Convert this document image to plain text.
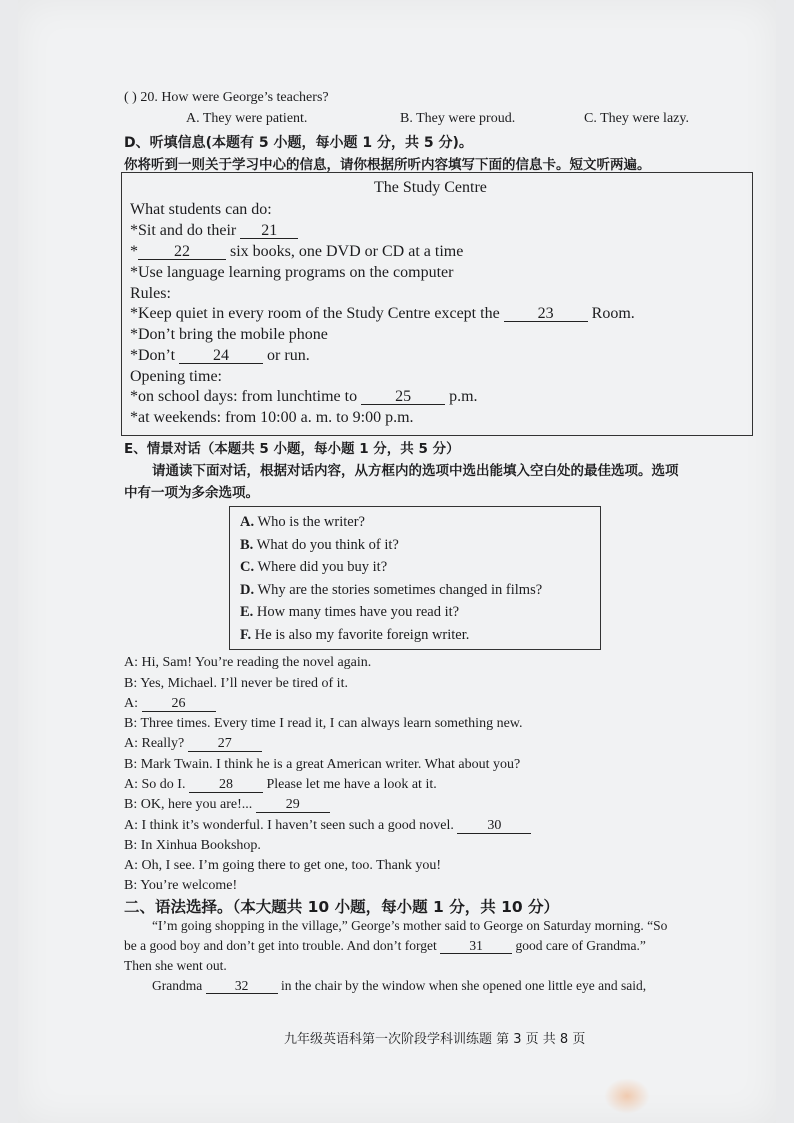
( ) 20. How were George’s teachers?
A. They were patient.	B. They were proud.	C. They were lazy.
D、听填信息(本题有 5 小题，每小题 1 分，共 5 分)。
你将听到一则关于学习中心的信息，请你根据所听内容填写下面的信息卡。短文听两遍。
The Study Centre
What students can do:
*Sit and do their 21
* 22	six books, one DVD or CD at a time
*Use language learning programs on the computer
Rules:
*Keep quiet in every room of the Study Centre except the 23 Room.
*Don’t bring the mobile phone
*Don’t 24 or run.
Opening time:
*on school days: from lunchtime to 25 p.m.
*at weekends: from 10:00 a. m. to 9:00 p.m.
E、情景对话（本题共 5 小题，每小题 1 分，共 5 分）
请通读下面对话，根据对话内容，从方框内的选项中选出能填入空白处的最佳选项。选项
中有一项为多余选项。
A. Who is the writer?
B. What do you think of it?
C. Where did you buy it?
D. Why are the stories sometimes changed in films?
E. How many times have you read it?
F. He is also my favorite foreign writer.
A: Hi, Sam! You’re reading the novel again.
B: Yes, Michael. I’ll never be tired of it.
A: 26
B: Three times. Every time I read it, I can always learn something new.
A: Really? 27
B: Mark Twain. I think he is a great American writer. What about you?
A: So do I. 28 Please let me have a look at it.
B: OK, here you are!... 29
A: I think it’s wonderful. I haven’t seen such a good novel. 30
B: In Xinhua Bookshop.
A: Oh, I see. I’m going there to get one, too. Thank you!
B: You’re welcome!
二、语法选择。（本大题共 10 小题，每小题 1 分，共 10 分）
“I’m going shopping in the village,” George’s mother said to George on Saturday morning. “So
be a good boy and don’t get into trouble. And don’t forget 31 good care of Grandma.”
Then she went out.
Grandma 32 in the chair by the window when she opened one little eye and said,
九年级英语科第一次阶段学科训练题 第 3 页 共 8 页
